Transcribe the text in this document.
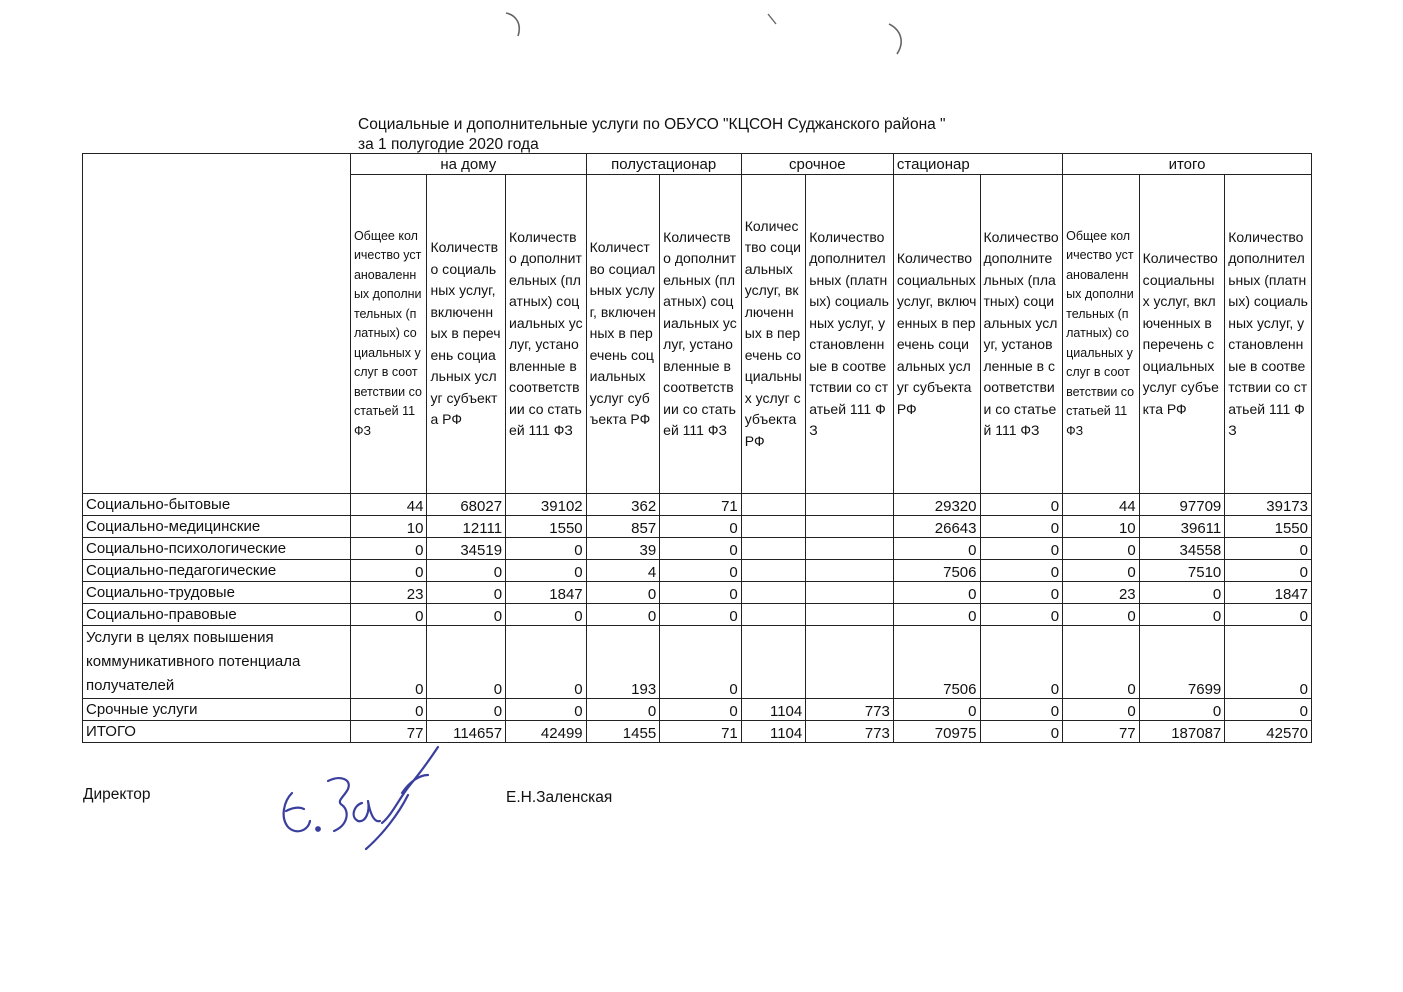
Социальные и дополнительные услуги по ОБУСО "КЦСОН Суджанского района "
за 1 полугодие 2020 года
	на дому			полустационар		срочное		стационар		итого		
	Общее количество установаленных дополнительных (платных) социальных услуг в соответствии со статьей 11 ФЗ	Количество социальных услуг, включенных в перечень социальных услуг субъекта РФ	Количество дополнительных (платных) социальных услуг, установленные в соответствии со статьей 111 ФЗ	Количество социальных услуг, включенных в перечень социальных услуг субъекта РФ	Количество дополнительных (платных) социальных услуг, установленные в соответствии со статьей 111 ФЗ	Количество социальных услуг, включенных в перечень социальных услуг субъекта РФ	Количество дополнительных (платных) социальных услуг, установленные в соответствии со статьей 111 ФЗ	Количество социальных услуг, включенных в перечень социальных услуг субъекта РФ	Количество дополнительных (платных) социальных услуг, установленные в соответствии со статьей 111 ФЗ	Общее количество установаленных дополнительных (платных) социальных услуг в соответствии со статьей 11 ФЗ	Количество социальных услуг, включенных в перечень социальных услуг субъекта РФ	Количество дополнительных (платных) социальных услуг, установленные в соответствии со статьей 111 ФЗ
Социально-бытовые	44	68027	39102	362	71			29320	0	44	97709	39173
Социально-медицинские	10	12111	1550	857	0			26643	0	10	39611	1550
Социально-психологические	0	34519	0	39	0			0	0	0	34558	0
Социально-педагогические	0	0	0	4	0			7506	0	0	7510	0
Социально-трудовые	23	0	1847	0	0			0	0	23	0	1847
Социально-правовые	0	0	0	0	0			0	0	0	0	0
Услуги в целях повышения коммуникативного потенциала получателей	0	0	0	193	0			7506	0	0	7699	0
Срочные услуги	0	0	0	0	0	1104	773	0	0	0	0	0
ИТОГО	77	114657	42499	1455	71	1104	773	70975	0	77	187087	42570
Директор	Е.Н.Заленская
